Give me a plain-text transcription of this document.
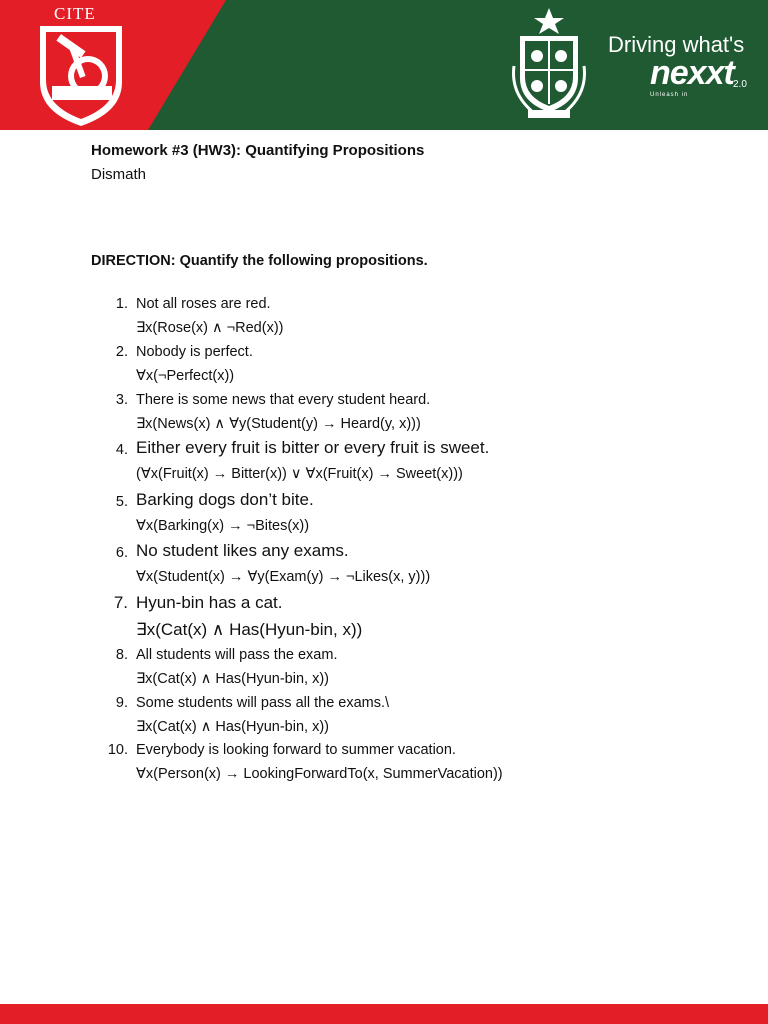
CITE
Driving what's
nexxt 2.0
Unleash in
Homework #3 (HW3): Quantifying Propositions
Dismath
DIRECTION: Quantify the following propositions.
1. Not all roses are red.
∃x(Rose(x) ∧ ¬Red(x))
2. Nobody is perfect.
∀x(¬Perfect(x))
3. There is some news that every student heard.
∃x(News(x) ∧ ∀y(Student(y) → Heard(y, x)))
4. Either every fruit is bitter or every fruit is sweet.
(∀x(Fruit(x) → Bitter(x)) ∨ ∀x(Fruit(x) → Sweet(x)))
5. Barking dogs don’t bite.
∀x(Barking(x) → ¬Bites(x))
6. No student likes any exams.
∀x(Student(x) → ∀y(Exam(y) → ¬Likes(x, y)))
7. Hyun-bin has a cat.
∃x(Cat(x) ∧ Has(Hyun-bin, x))
8. All students will pass the exam.
∃x(Cat(x) ∧ Has(Hyun-bin, x))
9. Some students will pass all the exams.\
∃x(Cat(x) ∧ Has(Hyun-bin, x))
10. Everybody is looking forward to summer vacation.
∀x(Person(x) → LookingForwardTo(x, SummerVacation))
